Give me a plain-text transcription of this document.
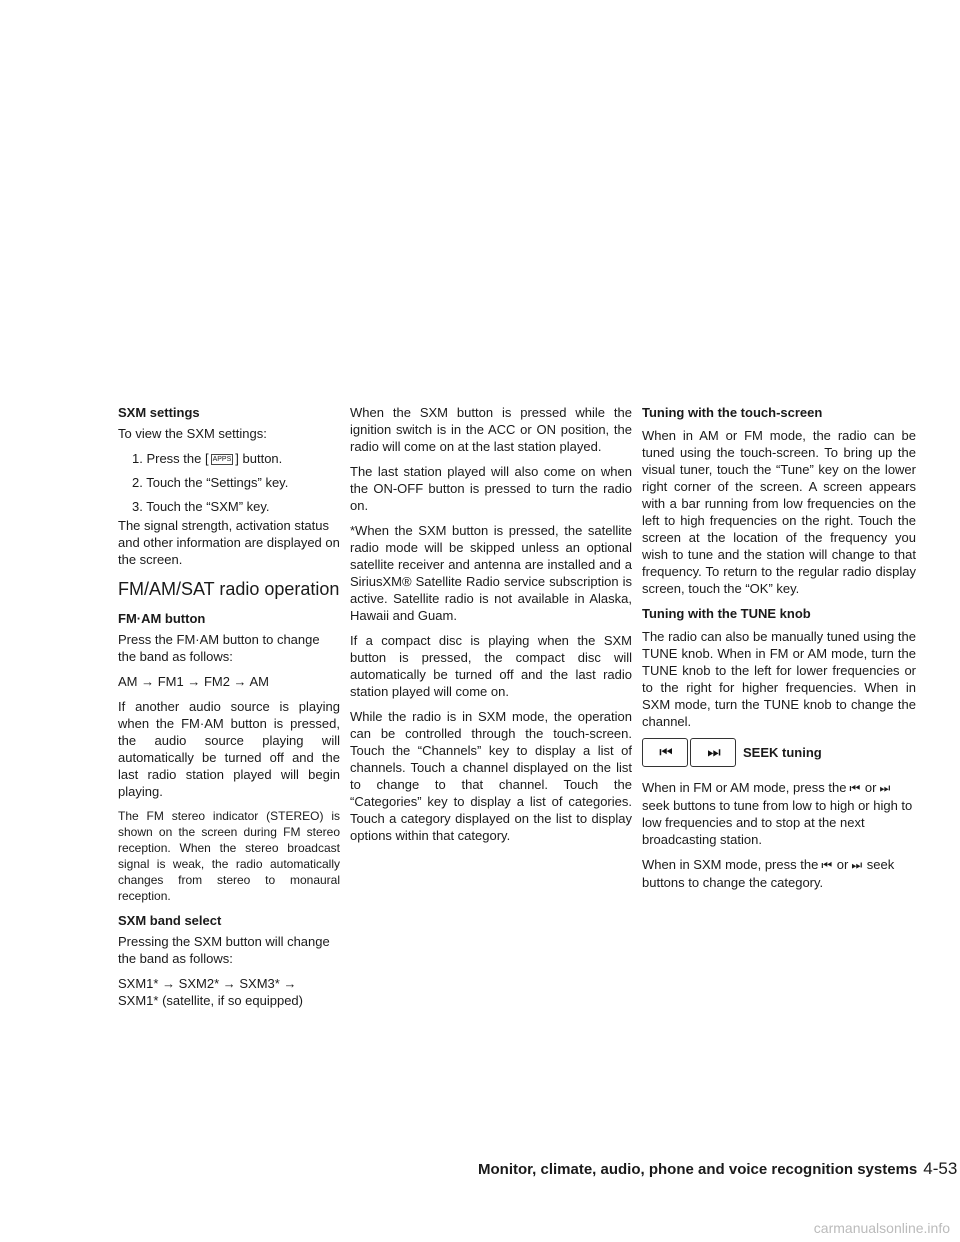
SXM settings

To view the SXM settings:

1. Press the [ APPS ] button.
2. Touch the “Settings” key.
3. Touch the “SXM” key.

The signal strength, activation status and other information are displayed on the screen.

FM/AM/SAT radio operation
FM·AM button

Press the FM·AM button to change the band as follows:

AM → FM1 → FM2 → AM

If another audio source is playing when the FM·AM button is pressed, the audio source playing will automatically be turned off and the last radio station played will begin playing.

The FM stereo indicator (STEREO) is shown on the screen during FM stereo reception. When the stereo broadcast signal is weak, the radio automatically changes from stereo to monaural reception.

SXM band select

Pressing the SXM button will change the band as follows:

SXM1* → SXM2* → SXM3* → SXM1* (satellite, if so equipped)

When the SXM button is pressed while the ignition switch is in the ACC or ON position, the radio will come on at the last station played.

The last station played will also come on when the ON-OFF button is pressed to turn the radio on.

*When the SXM button is pressed, the satellite radio mode will be skipped unless an optional satellite receiver and antenna are installed and a SiriusXM® Satellite Radio service subscription is active. Satellite radio is not available in Alaska, Hawaii and Guam.

If a compact disc is playing when the SXM button is pressed, the compact disc will automatically be turned off and the last radio station played will come on.

While the radio is in SXM mode, the operation can be controlled through the touch-screen. Touch the “Channels” key to display a list of channels. Touch a channel displayed on the list to change to that channel. Touch the “Categories” key to display a list of categories. Touch a category displayed on the list to display options within that category.

Tuning with the touch-screen

When in AM or FM mode, the radio can be tuned using the touch-screen. To bring up the visual tuner, touch the “Tune” key on the lower right corner of the screen. A screen appears with a bar running from low frequencies on the left to high frequencies on the right. Touch the screen at the location of the frequency you wish to tune and the station will change to that frequency. To return to the regular radio display screen, touch the “OK” key.

Tuning with the TUNE knob

The radio can also be manually tuned using the TUNE knob. When in FM or AM mode, turn the TUNE knob to the left for lower frequencies or to the right for higher frequencies. When in SXM mode, turn the TUNE knob to change the channel.

⏮ ⏭ SEEK tuning

When in FM or AM mode, press the ⏮ or ⏭ seek buttons to tune from low to high or high to low frequencies and to stop at the next broadcasting station.

When in SXM mode, press the ⏮ or ⏭ seek buttons to change the category.

Monitor, climate, audio, phone and voice recognition systems 4-53
carmanualsonline.info
